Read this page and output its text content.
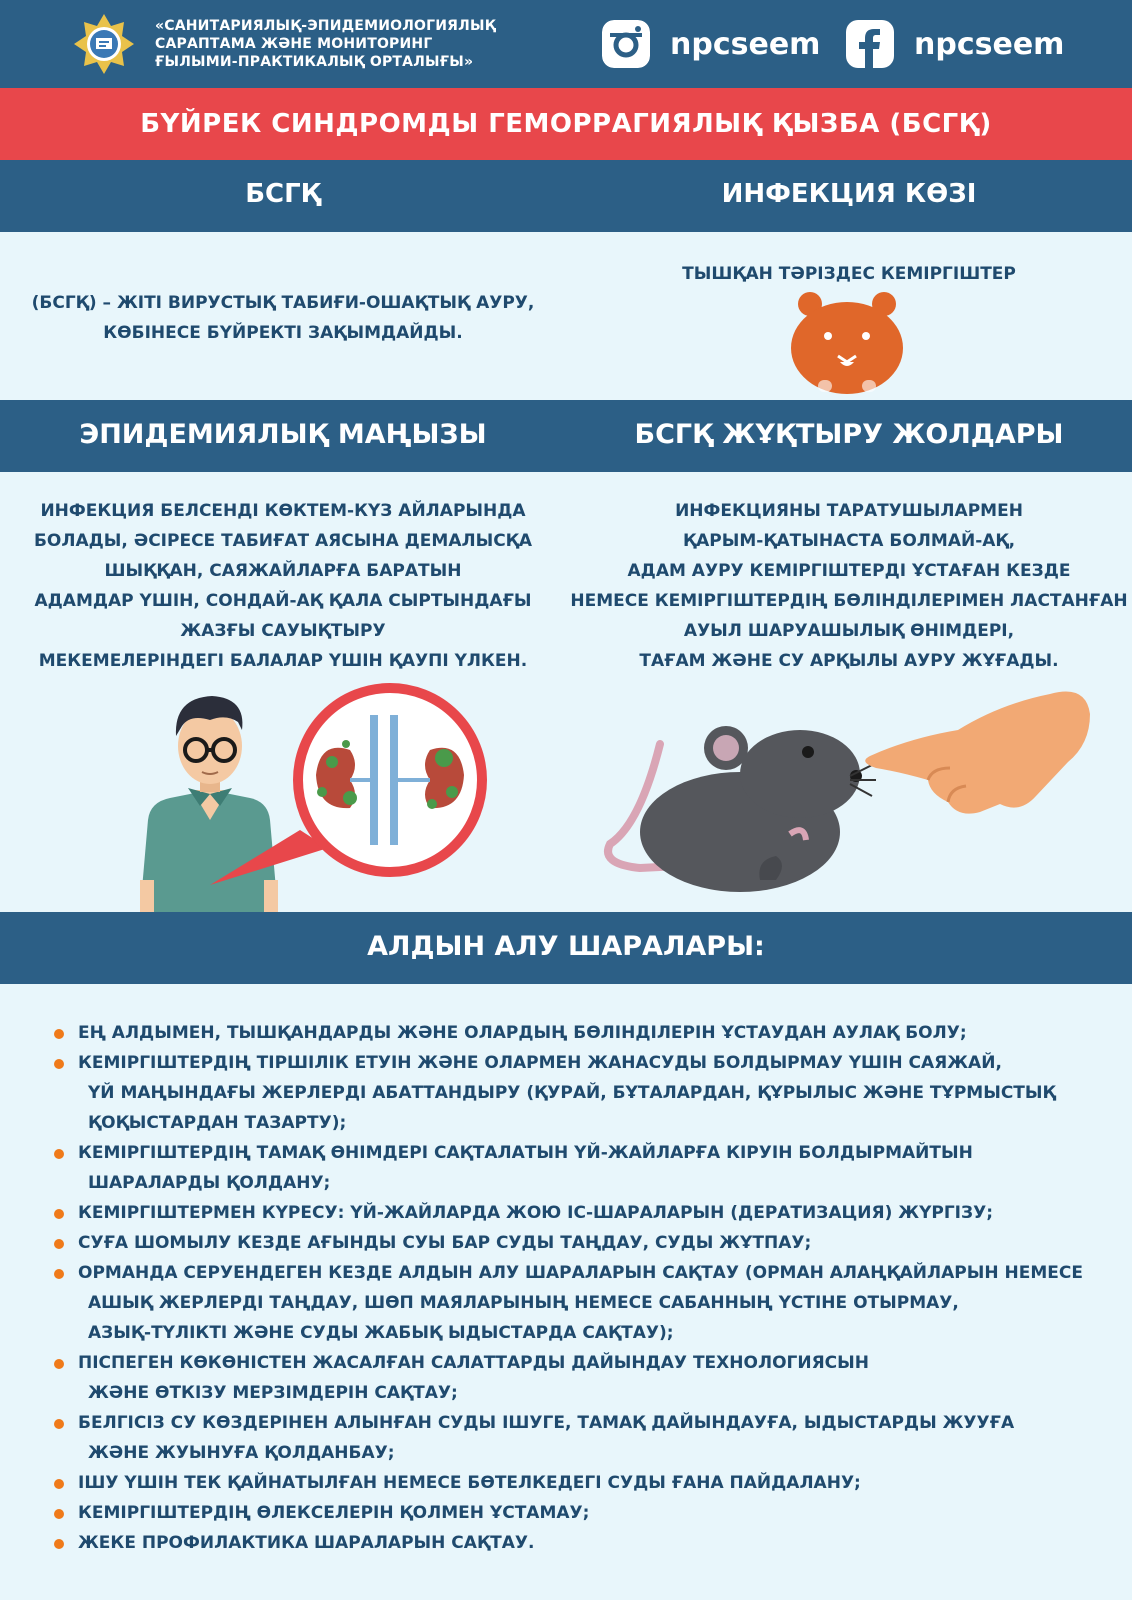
«САНИТАРИЯЛЫҚ-ЭПИДЕМИОЛОГИЯЛЫҚ
САРАПТАМА ЖӘНЕ МОНИТОРИНГ
ҒЫЛЫМИ-ПРАКТИКАЛЫҚ ОРТАЛЫҒЫ»
npcseem	npcseem
БҮЙРЕК СИНДРОМДЫ ГЕМОРРАГИЯЛЫҚ ҚЫЗБА (БСГҚ)
БСГҚ	ИНФЕКЦИЯ КӨЗІ
(БСГҚ) – ЖІТІ ВИРУСТЫҚ ТАБИҒИ-ОШАҚТЫҚ АУРУ,
КӨБІНЕСЕ БҮЙРЕКТІ ЗАҚЫМДАЙДЫ.
ТЫШҚАН ТӘРІЗДЕС КЕМІРГІШТЕР
ЭПИДЕМИЯЛЫҚ МАҢЫЗЫ	БСГҚ ЖҰҚТЫРУ ЖОЛДАРЫ
ИНФЕКЦИЯ БЕЛСЕНДІ КӨКТЕМ-КҮЗ АЙЛАРЫНДА
БОЛАДЫ, ӘСІРЕСЕ ТАБИҒАТ АЯСЫНА ДЕМАЛЫСҚА
ШЫҚҚАН, САЯЖАЙЛАРҒА БАРАТЫН
АДАМДАР ҮШІН, СОНДАЙ-АҚ ҚАЛА СЫРТЫНДАҒЫ
ЖАЗҒЫ САУЫҚТЫРУ
МЕКЕМЕЛЕРІНДЕГІ БАЛАЛАР ҮШІН ҚАУПІ ҮЛКЕН.
ИНФЕКЦИЯНЫ ТАРАТУШЫЛАРМЕН
ҚАРЫМ-ҚАТЫНАСТА БОЛМАЙ-АҚ,
АДАМ АУРУ КЕМІРГІШТЕРДІ ҰСТАҒАН КЕЗДЕ
НЕМЕСЕ КЕМІРГІШТЕРДІҢ БӨЛІНДІЛЕРІМЕН ЛАСТАНҒАН
АУЫЛ ШАРУАШЫЛЫҚ ӨНІМДЕРІ,
ТАҒАМ ЖӘНЕ СУ АРҚЫЛЫ АУРУ ЖҰҒАДЫ.
АЛДЫН АЛУ ШАРАЛАРЫ:
ЕҢ АЛДЫМЕН, ТЫШҚАНДАРДЫ ЖӘНЕ ОЛАРДЫҢ БӨЛІНДІЛЕРІН ҰСТАУДАН АУЛАҚ БОЛУ;
КЕМІРГІШТЕРДІҢ ТІРШІЛІК ЕТУІН ЖӘНЕ ОЛАРМЕН ЖАНАСУДЫ БОЛДЫРМАУ ҮШІН САЯЖАЙ,
ҮЙ МАҢЫНДАҒЫ ЖЕРЛЕРДІ АБАТТАНДЫРУ (ҚУРАЙ, БҰТАЛАРДАН, ҚҰРЫЛЫС ЖӘНЕ ТҰРМЫСТЫҚ
ҚОҚЫСТАРДАН ТАЗАРТУ);
КЕМІРГІШТЕРДІҢ ТАМАҚ ӨНІМДЕРІ САҚТАЛАТЫН ҮЙ-ЖАЙЛАРҒА КІРУІН БОЛДЫРМАЙТЫН
ШАРАЛАРДЫ ҚОЛДАНУ;
КЕМІРГІШТЕРМЕН КҮРЕСУ: ҮЙ-ЖАЙЛАРДА ЖОЮ ІС-ШАРАЛАРЫН (ДЕРАТИЗАЦИЯ) ЖҮРГІЗУ;
СУҒА ШОМЫЛУ КЕЗДЕ АҒЫНДЫ СУЫ БАР СУДЫ ТАҢДАУ, СУДЫ ЖҰТПАУ;
ОРМАНДА СЕРУЕНДЕГЕН КЕЗДЕ АЛДЫН АЛУ ШАРАЛАРЫН САҚТАУ (ОРМАН АЛАҢҚАЙЛАРЫН НЕМЕСЕ
АШЫҚ ЖЕРЛЕРДІ ТАҢДАУ, ШӨП МАЯЛАРЫНЫҢ НЕМЕСЕ САБАННЫҢ ҮСТІНЕ ОТЫРМАУ,
АЗЫҚ-ТҮЛІКТІ ЖӘНЕ СУДЫ ЖАБЫҚ ЫДЫСТАРДА САҚТАУ);
ПІСПЕГЕН КӨКӨНІСТЕН ЖАСАЛҒАН САЛАТТАРДЫ ДАЙЫНДАУ ТЕХНОЛОГИЯСЫН
ЖӘНЕ ӨТКІЗУ МЕРЗІМДЕРІН САҚТАУ;
БЕЛГІСІЗ СУ КӨЗДЕРІНЕН АЛЫНҒАН СУДЫ ІШУГЕ, ТАМАҚ ДАЙЫНДАУҒА, ЫДЫСТАРДЫ ЖУУҒА
ЖӘНЕ ЖУЫНУҒА ҚОЛДАНБАУ;
ІШУ ҮШІН ТЕК ҚАЙНАТЫЛҒАН НЕМЕСЕ БӨТЕЛКЕДЕГІ СУДЫ ҒАНА ПАЙДАЛАНУ;
КЕМІРГІШТЕРДІҢ ӨЛЕКСЕЛЕРІН ҚОЛМЕН ҰСТАМАУ;
ЖЕКЕ ПРОФИЛАКТИКА ШАРАЛАРЫН САҚТАУ.
